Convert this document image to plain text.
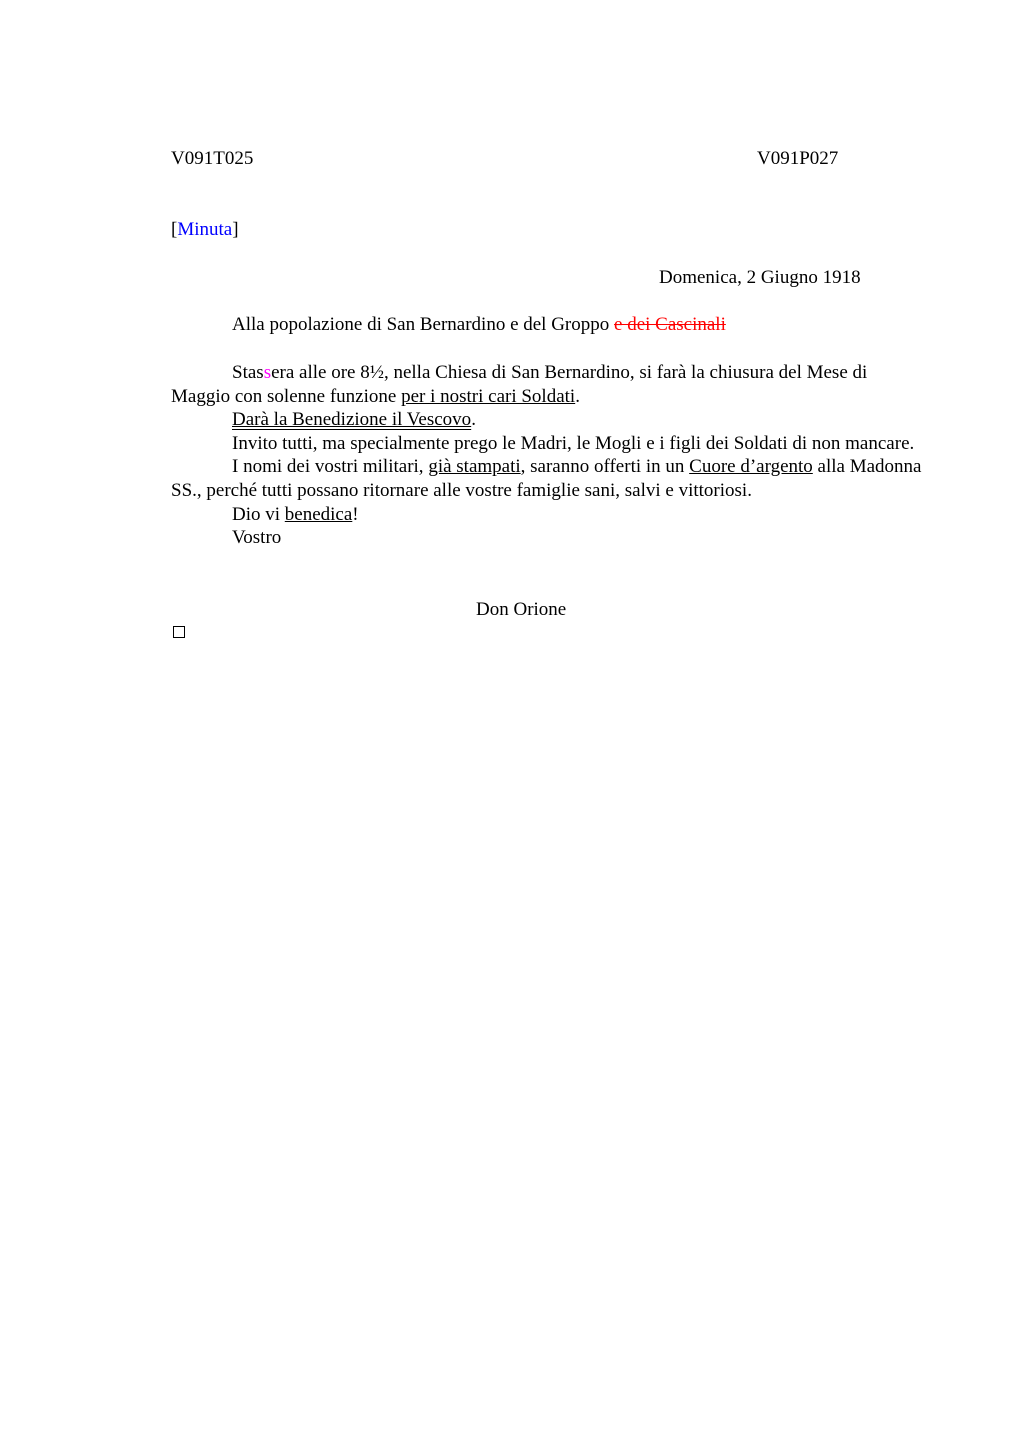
V091T025	V091P027
[Minuta]
Domenica, 2 Giugno 1918
Alla popolazione di San Bernardino e del Groppo e dei Cascinali

Stassera alle ore 8½, nella Chiesa di San Bernardino, si farà la chiusura del Mese di Maggio con solenne funzione per i nostri cari Soldati.

Darà la Benedizione il Vescovo.

Invito tutti, ma specialmente prego le Madri, le Mogli e i figli dei Soldati di non mancare.

I nomi dei vostri militari, già stampati, saranno offerti in un Cuore d’argento alla Madonna SS., perché tutti possano ritornare alle vostre famiglie sani, salvi e vittoriosi.

Dio vi benedica!

Vostro

Don Orione
